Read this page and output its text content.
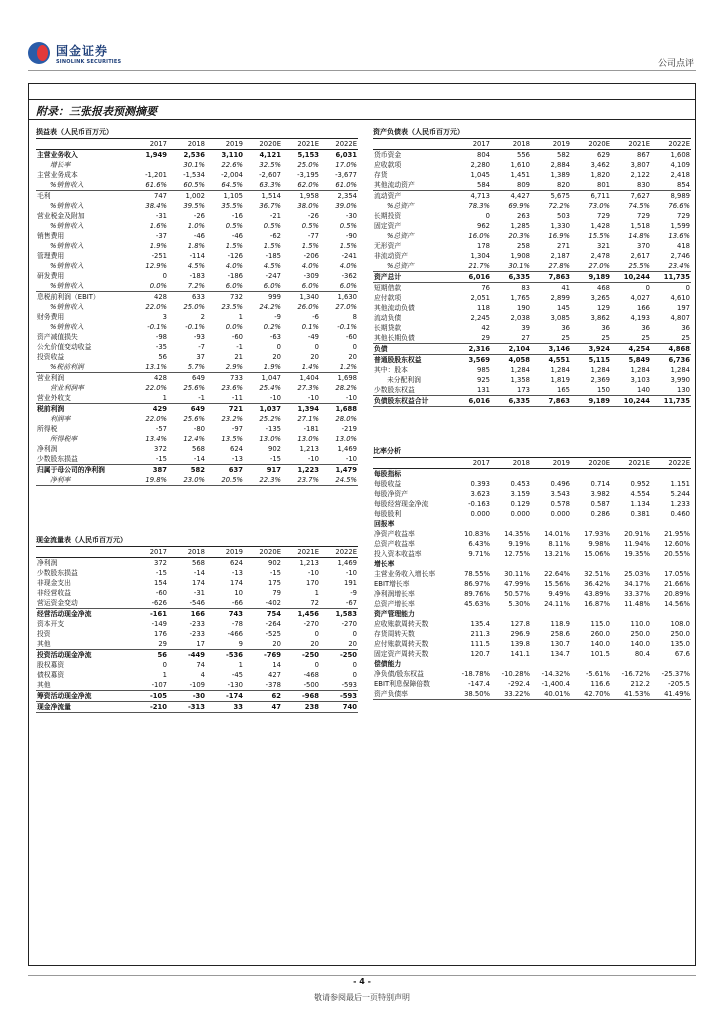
国金证券
SINOLINK SECURITIES	公司点评
附录：三张报表预测摘要
损益表（人民币百万元）
	2017	2018	2019	2020E	2021E	2022E
主营业务收入	1,949	2,536	3,110	4,121	5,153	6,031
增长率		30.1%	22.6%	32.5%	25.0%	17.0%
主营业务成本	-1,201	-1,534	-2,004	-2,607	-3,195	-3,677
%销售收入	61.6%	60.5%	64.5%	63.3%	62.0%	61.0%
毛利	747	1,002	1,105	1,514	1,958	2,354
%销售收入	38.4%	39.5%	35.5%	36.7%	38.0%	39.0%
营业税金及附加	-31	-26	-16	-21	-26	-30
%销售收入	1.6%	1.0%	0.5%	0.5%	0.5%	0.5%
销售费用	-37	-46	-46	-62	-77	-90
%销售收入	1.9%	1.8%	1.5%	1.5%	1.5%	1.5%
管理费用	-251	-114	-126	-185	-206	-241
%销售收入	12.9%	4.5%	4.0%	4.5%	4.0%	4.0%
研发费用	0	-183	-186	-247	-309	-362
%销售收入	0.0%	7.2%	6.0%	6.0%	6.0%	6.0%
息税前利润（EBIT）	428	633	732	999	1,340	1,630
%销售收入	22.0%	25.0%	23.5%	24.2%	26.0%	27.0%
财务费用	3	2	1	-9	-6	8
%销售收入	-0.1%	-0.1%	0.0%	0.2%	0.1%	-0.1%
资产减值损失	-98	-93	-60	-63	-49	-60
公允价值变动收益	-35	-7	-1	0	0	0
投资收益	56	37	21	20	20	20
%税前利润	13.1%	5.7%	2.9%	1.9%	1.4%	1.2%
营业利润	428	649	733	1,047	1,404	1,698
营业利润率	22.0%	25.6%	23.6%	25.4%	27.3%	28.2%
营业外收支	1	-1	-11	-10	-10	-10
税前利润	429	649	721	1,037	1,394	1,688
利润率	22.0%	25.6%	23.2%	25.2%	27.1%	28.0%
所得税	-57	-80	-97	-135	-181	-219
所得税率	13.4%	12.4%	13.5%	13.0%	13.0%	13.0%
净利润	372	568	624	902	1,213	1,469
少数股东损益	-15	-14	-13	-15	-10	-10
归属于母公司的净利润	387	582	637	917	1,223	1,479
净利率	19.8%	23.0%	20.5%	22.3%	23.7%	24.5%
现金流量表（人民币百万元）
	2017	2018	2019	2020E	2021E	2022E
净利润	372	568	624	902	1,213	1,469
少数股东损益	-15	-14	-13	-15	-10	-10
非现金支出	154	174	174	175	170	191
非经营收益	-60	-31	10	79	1	-9
营运资金变动	-626	-546	-66	-402	72	-67
经营活动现金净流	-161	166	743	754	1,456	1,583
资本开支	-149	-233	-78	-264	-270	-270
投资	176	-233	-466	-525	0	0
其他	29	17	9	20	20	20
投资活动现金净流	56	-449	-536	-769	-250	-250
股权募资	0	74	1	14	0	0
债权募资	1	4	-45	427	-468	0
其他	-107	-109	-130	-378	-500	-593
筹资活动现金净流	-105	-30	-174	62	-968	-593
现金净流量	-210	-313	33	47	238	740
资产负债表（人民币百万元）
	2017	2018	2019	2020E	2021E	2022E
货币资金	804	556	582	629	867	1,608
应收款项	2,280	1,610	2,884	3,462	3,807	4,109
存货	1,045	1,451	1,389	1,820	2,122	2,418
其他流动资产	584	809	820	801	830	854
流动资产	4,713	4,427	5,675	6,711	7,627	8,989
%总资产	78.3%	69.9%	72.2%	73.0%	74.5%	76.6%
长期投资	0	263	503	729	729	729
固定资产	962	1,285	1,330	1,428	1,518	1,599
%总资产	16.0%	20.3%	16.9%	15.5%	14.8%	13.6%
无形资产	178	258	271	321	370	418
非流动资产	1,304	1,908	2,187	2,478	2,617	2,746
%总资产	21.7%	30.1%	27.8%	27.0%	25.5%	23.4%
资产总计	6,016	6,335	7,863	9,189	10,244	11,735
短期借款	76	83	41	468	0	0
应付款项	2,051	1,765	2,899	3,265	4,027	4,610
其他流动负债	118	190	145	129	166	197
流动负债	2,245	2,038	3,085	3,862	4,193	4,807
长期贷款	42	39	36	36	36	36
其他长期负债	29	27	25	25	25	25
负债	2,316	2,104	3,146	3,924	4,254	4,868
普通股股东权益	3,569	4,058	4,551	5,115	5,849	6,736
其中：股本	985	1,284	1,284	1,284	1,284	1,284
未分配利润	925	1,358	1,819	2,369	3,103	3,990
少数股东权益	131	173	165	150	140	130
负债股东权益合计	6,016	6,335	7,863	9,189	10,244	11,735
比率分析
	2017	2018	2019	2020E	2021E	2022E
每股指标						
每股收益	0.393	0.453	0.496	0.714	0.952	1.151
每股净资产	3.623	3.159	3.543	3.982	4.554	5.244
每股经营现金净流	-0.163	0.129	0.578	0.587	1.134	1.233
每股股利	0.000	0.000	0.000	0.286	0.381	0.460
回报率						
净资产收益率	10.83%	14.35%	14.01%	17.93%	20.91%	21.95%
总资产收益率	6.43%	9.19%	8.11%	9.98%	11.94%	12.60%
投入资本收益率	9.71%	12.75%	13.21%	15.06%	19.35%	20.55%
增长率						
主营业务收入增长率	78.55%	30.11%	22.64%	32.51%	25.03%	17.05%
EBIT增长率	86.97%	47.99%	15.56%	36.42%	34.17%	21.66%
净利润增长率	89.76%	50.57%	9.49%	43.89%	33.37%	20.89%
总资产增长率	45.63%	5.30%	24.11%	16.87%	11.48%	14.56%
资产管理能力						
应收账款周转天数	135.4	127.8	118.9	115.0	110.0	108.0
存货周转天数	211.3	296.9	258.6	260.0	250.0	250.0
应付账款周转天数	111.5	139.8	130.7	140.0	140.0	135.0
固定资产周转天数	120.7	141.1	134.7	101.5	80.4	67.6
偿债能力						
净负债/股东权益	-18.78%	-10.28%	-14.32%	-5.61%	-16.72%	-25.37%
EBIT利息保障倍数	-147.4	-292.4	-1,400.4	116.6	212.2	-205.5
资产负债率	38.50%	33.22%	40.01%	42.70%	41.53%	41.49%
- 4 -
敬请参阅最后一页特别声明
